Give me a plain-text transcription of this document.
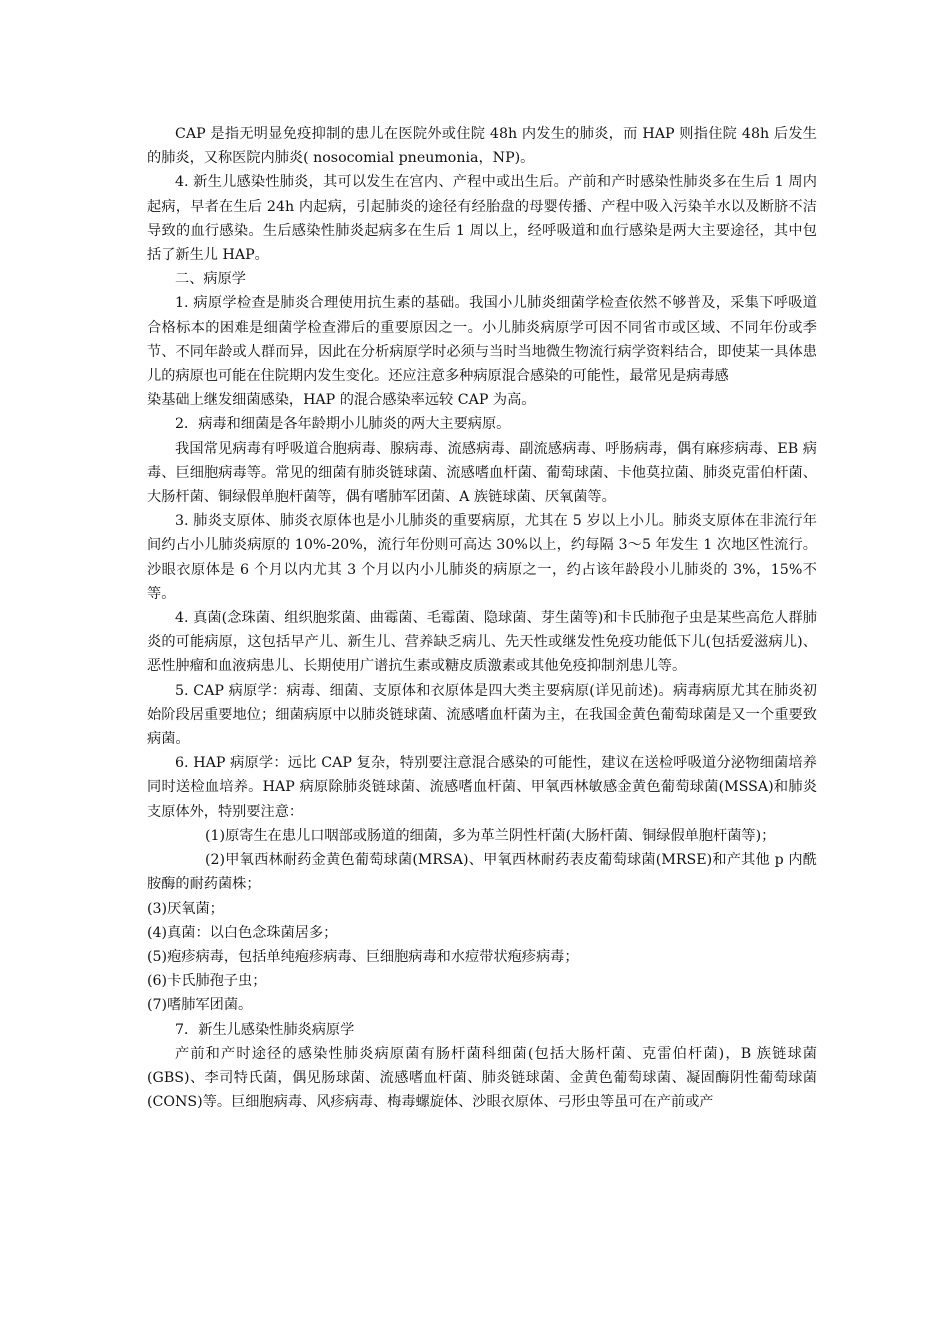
CAP 是指无明显免疫抑制的患儿在医院外或住院 48h 内发生的肺炎，而 HAP 则指住院 48h 后发生的肺炎，又称医院内肺炎( nosocomial pneumonia，NP)。

4. 新生儿感染性肺炎，其可以发生在宫内、产程中或出生后。产前和产时感染性肺炎多在生后 1 周内起病，早者在生后 24h 内起病，引起肺炎的途径有经胎盘的母婴传播、产程中吸入污染羊水以及断脐不洁导致的血行感染。生后感染性肺炎起病多在生后 1 周以上，经呼吸道和血行感染是两大主要途径，其中包括了新生儿 HAP。

二、病原学

1. 病原学检查是肺炎合理使用抗生素的基础。我国小儿肺炎细菌学检查依然不够普及，采集下呼吸道合格标本的困难是细菌学检查滞后的重要原因之一。小儿肺炎病原学可因不同省市或区域、不同年份或季节、不同年龄或人群而异，因此在分析病原学时必须与当时当地微生物流行病学资料结合，即使某一具体患儿的病原也可能在住院期内发生变化。还应注意多种病原混合感染的可能性，最常见是病毒感

染基础上继发细菌感染，HAP 的混合感染率远较 CAP 为高。

2．病毒和细菌是各年龄期小儿肺炎的两大主要病原。

我国常见病毒有呼吸道合胞病毒、腺病毒、流感病毒、副流感病毒、呼肠病毒，偶有麻疹病毒、EB 病毒、巨细胞病毒等。常见的细菌有肺炎链球菌、流感嗜血杆菌、葡萄球菌、卡他莫拉菌、肺炎克雷伯杆菌、大肠杆菌、铜绿假单胞杆菌等，偶有嗜肺军团菌、A 族链球菌、厌氧菌等。

3. 肺炎支原体、肺炎衣原体也是小儿肺炎的重要病原，尤其在 5 岁以上小儿。肺炎支原体在非流行年间约占小儿肺炎病原的 10%-20%，流行年份则可高达 30%以上，约每隔 3～5 年发生 1 次地区性流行。沙眼衣原体是 6 个月以内尤其 3 个月以内小儿肺炎的病原之一，约占该年龄段小儿肺炎的 3%，15%不等。

4. 真菌(念珠菌、组织胞浆菌、曲霉菌、毛霉菌、隐球菌、芽生菌等)和卡氏肺孢子虫是某些高危人群肺炎的可能病原，这包括早产儿、新生儿、营养缺乏病儿、先天性或继发性免疫功能低下儿(包括爱滋病儿)、恶性肿瘤和血液病患儿、长期使用广谱抗生素或糖皮质激素或其他免疫抑制剂患儿等。

5. CAP 病原学：病毒、细菌、支原体和衣原体是四大类主要病原(详见前述)。病毒病原尤其在肺炎初始阶段居重要地位；细菌病原中以肺炎链球菌、流感嗜血杆菌为主，在我国金黄色葡萄球菌是又一个重要致病菌。

6. HAP 病原学：远比 CAP 复杂，特别要注意混合感染的可能性，建议在送检呼吸道分泌物细菌培养同时送检血培养。HAP 病原除肺炎链球菌、流感嗜血杆菌、甲氧西林敏感金黄色葡萄球菌(MSSA)和肺炎支原体外，特别要注意：

(1)原寄生在患儿口咽部或肠道的细菌，多为革兰阴性杆菌(大肠杆菌、铜绿假单胞杆菌等)；

(2)甲氧西林耐药金黄色葡萄球菌(MRSA)、甲氧西林耐药表皮葡萄球菌(MRSE)和产其他 p 内酰胺酶的耐药菌株；

(3)厌氧菌；

(4)真菌：以白色念珠菌居多；

(5)疱疹病毒，包括单纯疱疹病毒、巨细胞病毒和水痘带状疱疹病毒；

(6)卡氏肺孢子虫；

(7)嗜肺军团菌。

7．新生儿感染性肺炎病原学

产前和产时途径的感染性肺炎病原菌有肠杆菌科细菌(包括大肠杆菌、克雷伯杆菌)，B 族链球菌(GBS)、李司特氏菌，偶见肠球菌、流感嗜血杆菌、肺炎链球菌、金黄色葡萄球菌、凝固酶阴性葡萄球菌(CONS)等。巨细胞病毒、风疹病毒、梅毒螺旋体、沙眼衣原体、弓形虫等虽可在产前或产
